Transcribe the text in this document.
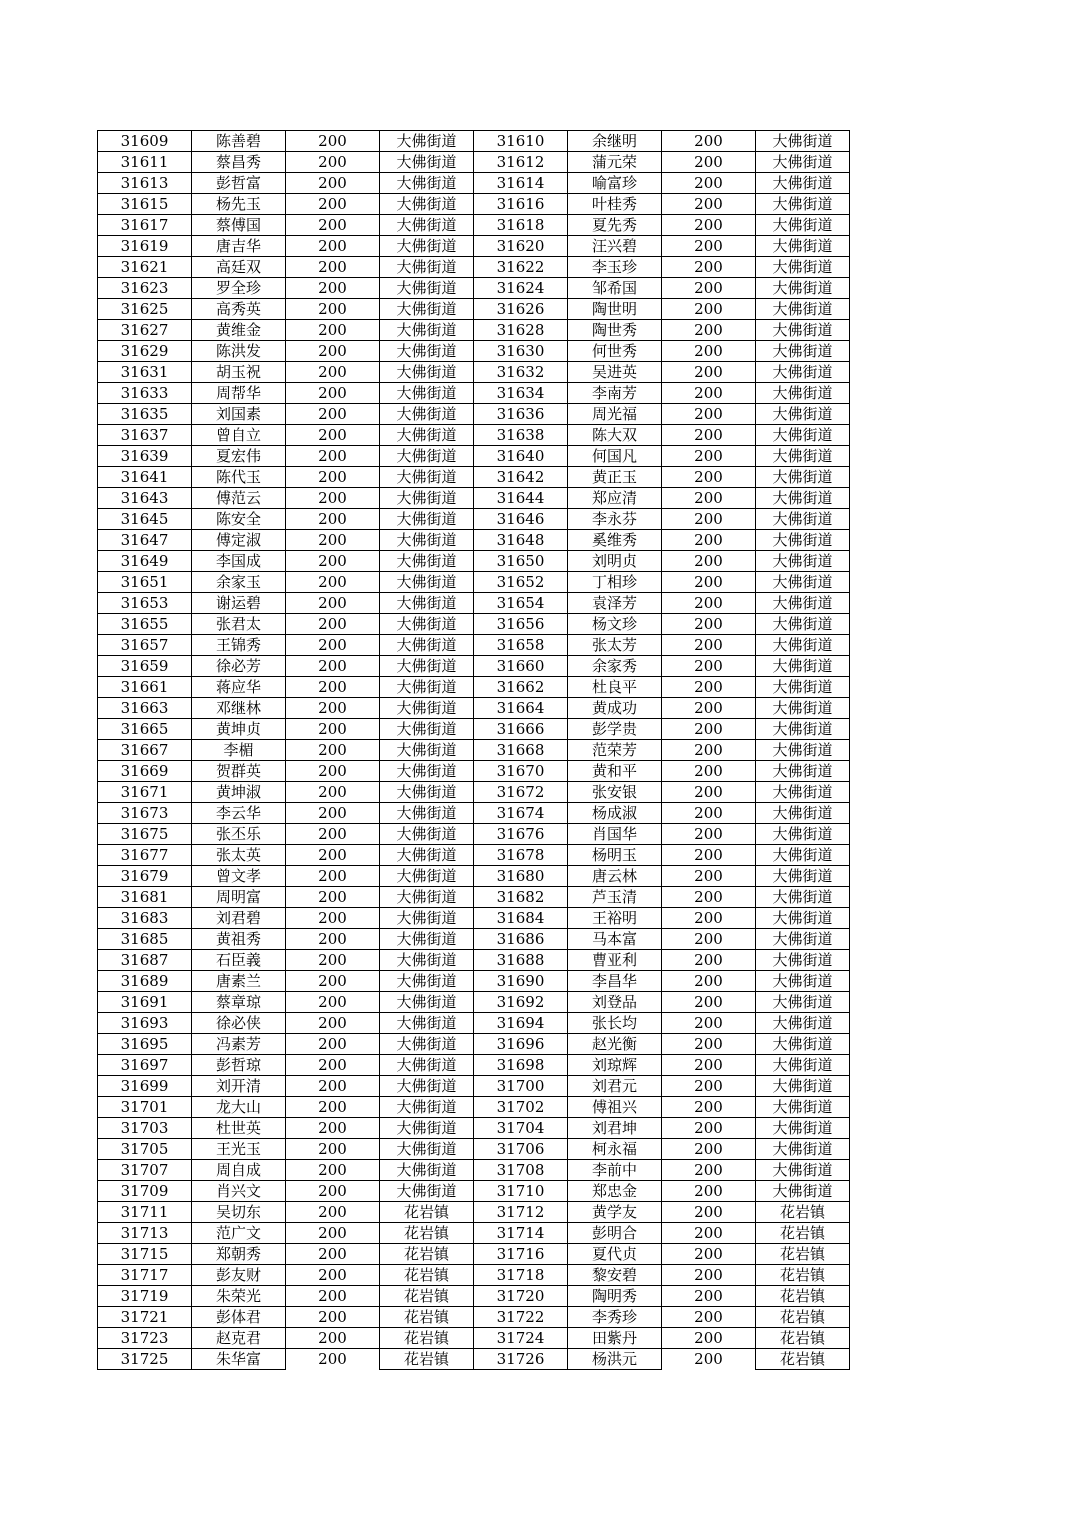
31609	陈善碧	200	大佛街道	31610	余继明	200	大佛街道
31611	蔡昌秀	200	大佛街道	31612	蒲元荣	200	大佛街道
31613	彭哲富	200	大佛街道	31614	喻富珍	200	大佛街道
31615	杨先玉	200	大佛街道	31616	叶桂秀	200	大佛街道
31617	蔡傅国	200	大佛街道	31618	夏先秀	200	大佛街道
31619	唐吉华	200	大佛街道	31620	汪兴碧	200	大佛街道
31621	高廷双	200	大佛街道	31622	李玉珍	200	大佛街道
31623	罗全珍	200	大佛街道	31624	邹希国	200	大佛街道
31625	高秀英	200	大佛街道	31626	陶世明	200	大佛街道
31627	黄维金	200	大佛街道	31628	陶世秀	200	大佛街道
31629	陈洪发	200	大佛街道	31630	何世秀	200	大佛街道
31631	胡玉祝	200	大佛街道	31632	吴进英	200	大佛街道
31633	周帮华	200	大佛街道	31634	李南芳	200	大佛街道
31635	刘国素	200	大佛街道	31636	周光福	200	大佛街道
31637	曾自立	200	大佛街道	31638	陈大双	200	大佛街道
31639	夏宏伟	200	大佛街道	31640	何国凡	200	大佛街道
31641	陈代玉	200	大佛街道	31642	黄正玉	200	大佛街道
31643	傅范云	200	大佛街道	31644	郑应清	200	大佛街道
31645	陈安全	200	大佛街道	31646	李永芬	200	大佛街道
31647	傅定淑	200	大佛街道	31648	奚维秀	200	大佛街道
31649	李国成	200	大佛街道	31650	刘明贞	200	大佛街道
31651	余家玉	200	大佛街道	31652	丁相珍	200	大佛街道
31653	谢运碧	200	大佛街道	31654	袁泽芳	200	大佛街道
31655	张君太	200	大佛街道	31656	杨文珍	200	大佛街道
31657	王锦秀	200	大佛街道	31658	张太芳	200	大佛街道
31659	徐必芳	200	大佛街道	31660	余家秀	200	大佛街道
31661	蒋应华	200	大佛街道	31662	杜良平	200	大佛街道
31663	邓继林	200	大佛街道	31664	黄成功	200	大佛街道
31665	黄坤贞	200	大佛街道	31666	彭学贵	200	大佛街道
31667	李楣	200	大佛街道	31668	范荣芳	200	大佛街道
31669	贺群英	200	大佛街道	31670	黄和平	200	大佛街道
31671	黄坤淑	200	大佛街道	31672	张安银	200	大佛街道
31673	李云华	200	大佛街道	31674	杨成淑	200	大佛街道
31675	张丕乐	200	大佛街道	31676	肖国华	200	大佛街道
31677	张太英	200	大佛街道	31678	杨明玉	200	大佛街道
31679	曾文孝	200	大佛街道	31680	唐云林	200	大佛街道
31681	周明富	200	大佛街道	31682	芦玉清	200	大佛街道
31683	刘君碧	200	大佛街道	31684	王裕明	200	大佛街道
31685	黄祖秀	200	大佛街道	31686	马本富	200	大佛街道
31687	石臣義	200	大佛街道	31688	曹亚利	200	大佛街道
31689	唐素兰	200	大佛街道	31690	李昌华	200	大佛街道
31691	蔡章琼	200	大佛街道	31692	刘登品	200	大佛街道
31693	徐必侠	200	大佛街道	31694	张长均	200	大佛街道
31695	冯素芳	200	大佛街道	31696	赵光衡	200	大佛街道
31697	彭哲琼	200	大佛街道	31698	刘琼辉	200	大佛街道
31699	刘开清	200	大佛街道	31700	刘君元	200	大佛街道
31701	龙大山	200	大佛街道	31702	傅祖兴	200	大佛街道
31703	杜世英	200	大佛街道	31704	刘君坤	200	大佛街道
31705	王光玉	200	大佛街道	31706	柯永福	200	大佛街道
31707	周自成	200	大佛街道	31708	李前中	200	大佛街道
31709	肖兴文	200	大佛街道	31710	郑忠金	200	大佛街道
31711	吴切东	200	花岩镇	31712	黄学友	200	花岩镇
31713	范广文	200	花岩镇	31714	彭明合	200	花岩镇
31715	郑朝秀	200	花岩镇	31716	夏代贞	200	花岩镇
31717	彭友财	200	花岩镇	31718	黎安碧	200	花岩镇
31719	朱荣光	200	花岩镇	31720	陶明秀	200	花岩镇
31721	彭体君	200	花岩镇	31722	李秀珍	200	花岩镇
31723	赵克君	200	花岩镇	31724	田紫丹	200	花岩镇
31725	朱华富	200	花岩镇	31726	杨洪元	200	花岩镇
